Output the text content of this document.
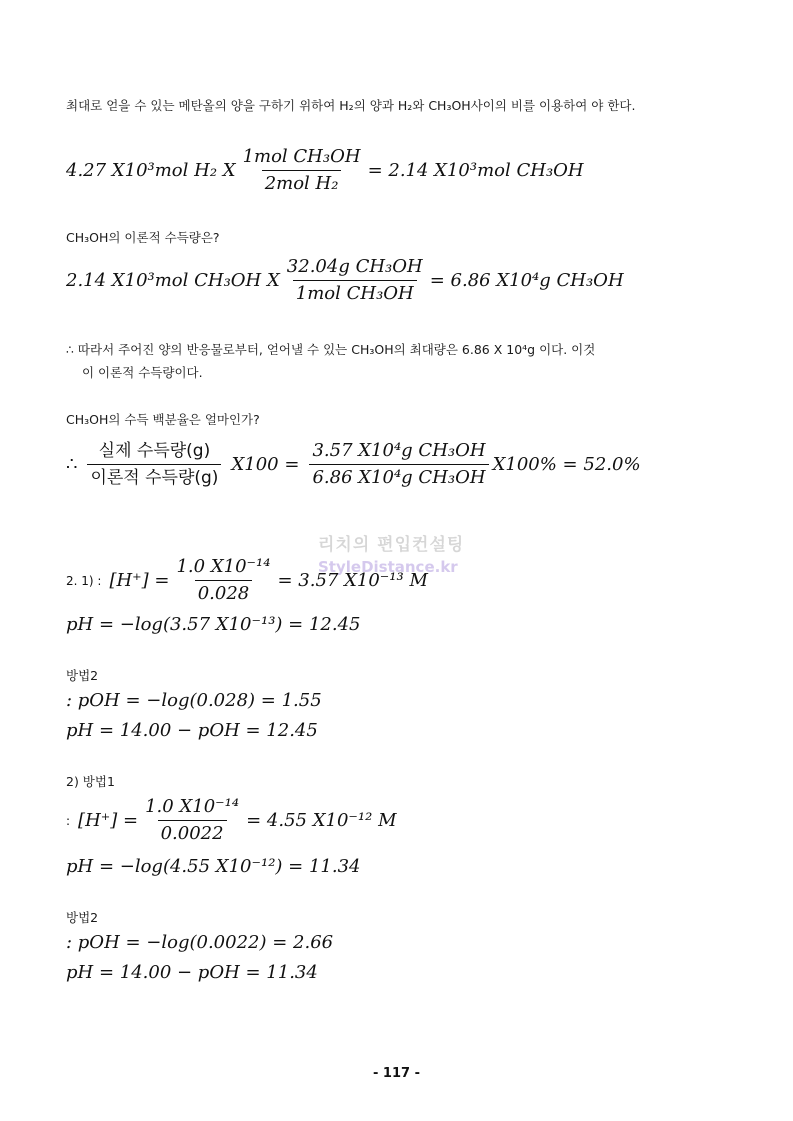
최대로 얻을 수 있는 메탄올의 양을 구하기 위하여 H₂의 양과 H₂와 CH₃OH사이의 비를 이용하여 야 한다.
4.27 X10³mol H₂ X $\frac{\text{1mol CH₃OH}}{\text{2mol H₂}} = 2.14$ X10³mol CH₃OH
CH₃OH의 이론적 수득량은?
2.14 X10³mol CH₃OH X $\frac{\text{32.04g CH₃OH}}{\text{1mol CH₃OH}} = 6.86$ X10⁴g CH₃OH
∴ 따라서 주어진 양의 반응물로부터, 얻어낼 수 있는 CH₃OH의 최대량은 6.86 X 10⁴g 이다. 이것
이 이론적 수득량이다.
CH₃OH의 수득 백분율은 얼마인가?
∴ $\frac{\text{실제 수득량(g)}}{\text{이론적 수득량(g)}} X100 = \frac{\text{3.57 X10⁴g CH₃OH}}{\text{6.86 X10⁴g CH₃OH}} X100\% = 52.0\%$
리치의 편입컨설팅
StyleDistance.kr
2. 1) : $[H^+] = \frac{\text{1.0 X10⁻¹⁴}}{0.028} = 3.57$ X10⁻¹³ M
pH = −log(3.57 X10⁻¹³) = 12.45
방법2
: pOH = −log(0.028) = 1.55
pH = 14.00 − pOH = 12.45
2) 방법1
: $[H^+] = \frac{\text{1.0 X10⁻¹⁴}}{0.0022} = 4.55$ X10⁻¹² M
pH = −log(4.55 X10⁻¹²) = 11.34
방법2
: pOH = −log(0.0022) = 2.66
pH = 14.00 − pOH = 11.34
- 117 -
